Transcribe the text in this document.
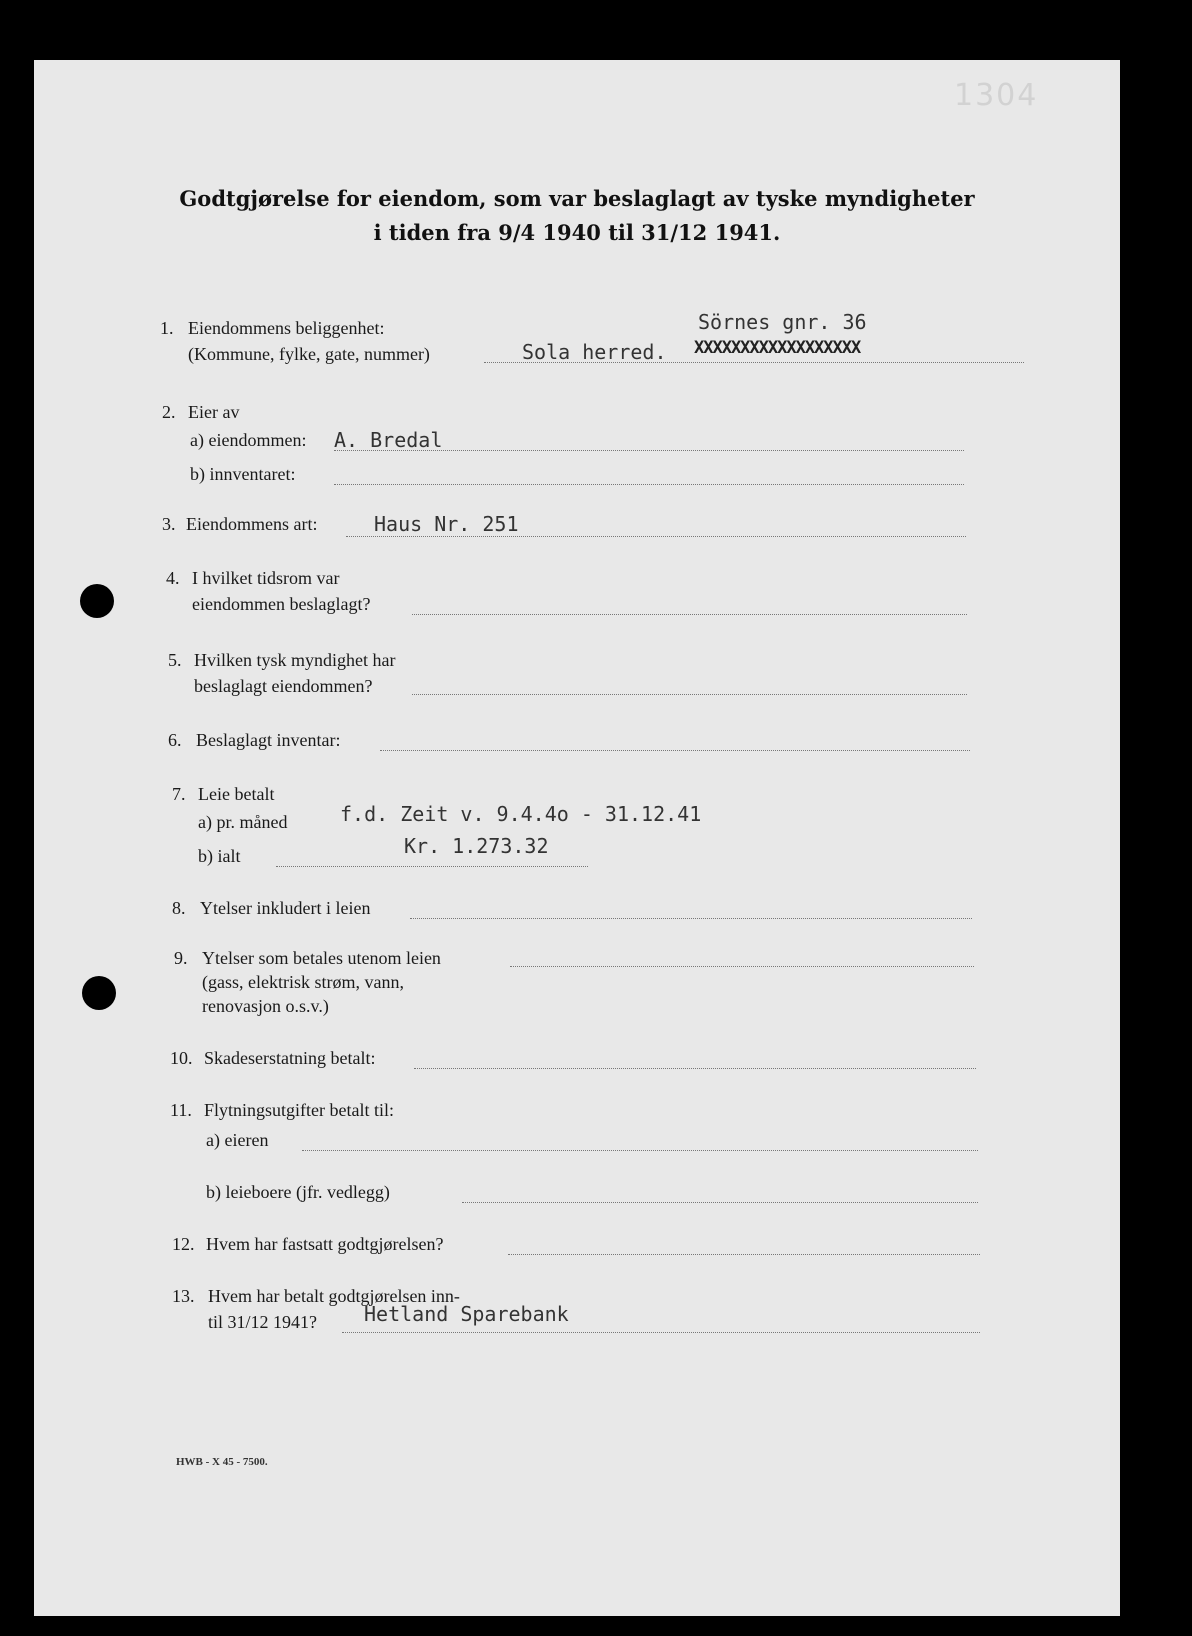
1304
Godtgjørelse for eiendom, som var beslaglagt av tyske myndigheter
i tiden fra 9/4 1940 til 31/12 1941.
1. Eiendommens beliggenhet:
(Kommune, fylke, gate, nummer)
Sörnes gnr. 36
Sola herred. XXXXXXXXXXXXXXXXXX
2. Eier av
a) eiendommen: A. Bredal
b) innventaret:
3. Eiendommens art:	Haus Nr. 251
4. I hvilket tidsrom var
eiendommen beslaglagt?
5. Hvilken tysk myndighet har
beslaglagt eiendommen?
6. Beslaglagt inventar:
7. Leie betalt
a) pr. måned	f.d. Zeit v. 9.4.4o - 31.12.41
b) ialt	Kr. 1.273.32
8. Ytelser inkludert i leien
9. Ytelser som betales utenom leien
(gass, elektrisk strøm, vann,
renovasjon o.s.v.)
10. Skadeserstatning betalt:
11. Flytningsutgifter betalt til:
a) eieren
b) leieboere (jfr. vedlegg)
12. Hvem har fastsatt godtgjørelsen?
13. Hvem har betalt godtgjørelsen inn-
til 31/12 1941? Hetland Sparebank
HWB - X 45 - 7500.
